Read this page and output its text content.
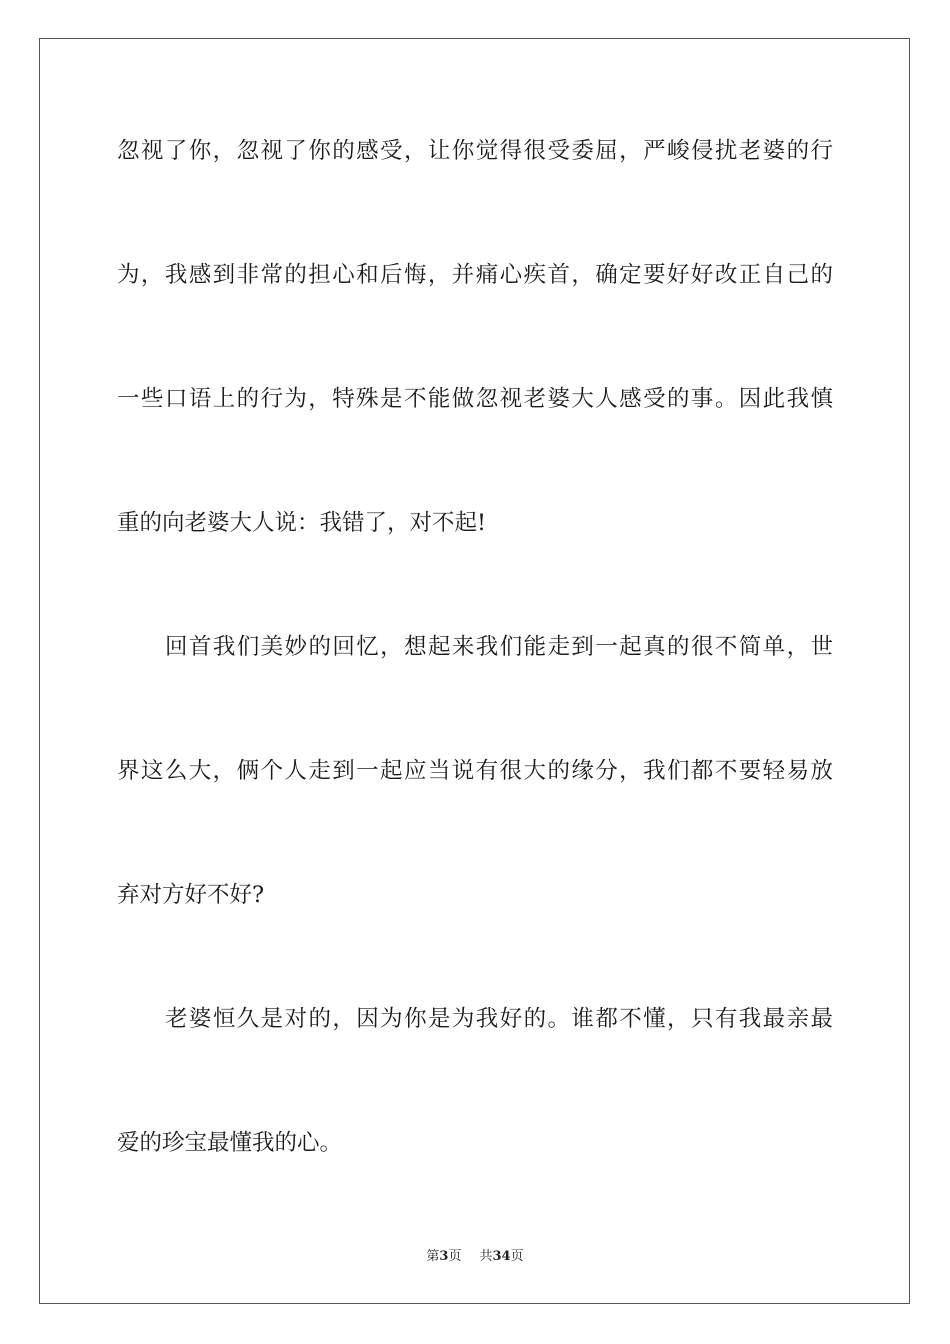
忽视了你，忽视了你的感受，让你觉得很受委屈，严峻侵扰老婆的行
为，我感到非常的担心和后悔，并痛心疾首，确定要好好改正自己的
一些口语上的行为，特殊是不能做忽视老婆大人感受的事。因此我慎
重的向老婆大人说：我错了，对不起!
回首我们美妙的回忆，想起来我们能走到一起真的很不简单，世
界这么大，俩个人走到一起应当说有很大的缘分，我们都不要轻易放
弃对方好不好?
老婆恒久是对的，因为你是为我好的。谁都不懂，只有我最亲最
爱的珍宝最懂我的心。
第3页 共34页
